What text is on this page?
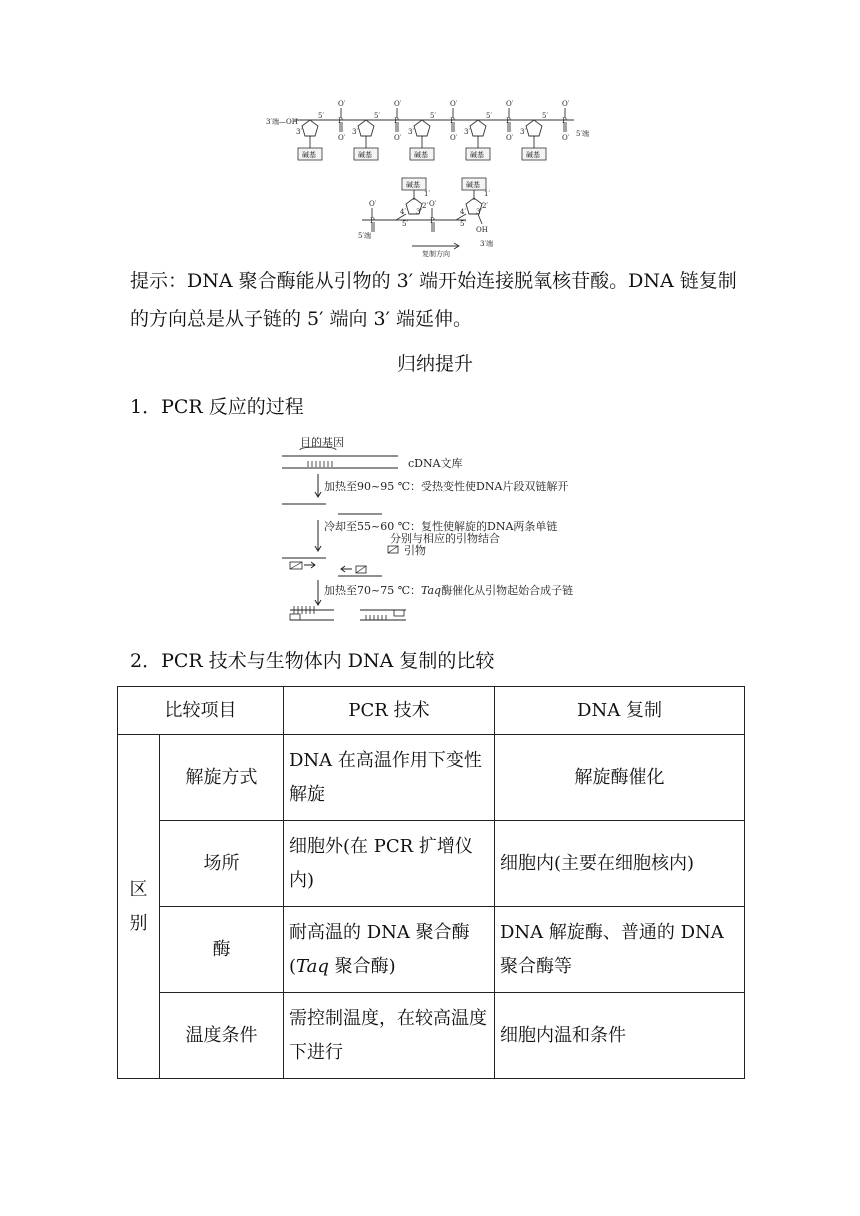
3′端—OH
5′端
P	P	P	P	P
O′	O′	O′	O′	O′
O′	O′	O′	O′	O′
5′	5′	5′	5′	5′
3′	3′	3′	3′	3′
碱基	碱基	碱基	碱基	碱基
碱基	碱基
O′	O′
P	P
1′	1′
2′	2′
3′	3′
4′	4′
5′	5′
OH
5′端
3′端
复制方向
提示：DNA 聚合酶能从引物的 3′ 端开始连接脱氧核苷酸。DNA 链复制的方向总是从子链的 5′ 端向 3′ 端延伸。
归纳提升
1．PCR 反应的过程
目的基因
cDNA文库
加热至90~95 ℃：受热变性使DNA片段双链解开
冷却至55~60 ℃：复性使解旋的DNA两条单链
分别与相应的引物结合
引物
加热至70~75 ℃：Taq酶催化从引物起始合成子链
2．PCR 技术与生物体内 DNA 复制的比较
比较项目		PCR 技术	DNA 复制
区别	解旋方式	DNA 在高温作用下变性解旋	解旋酶催化
	场所	细胞外(在 PCR 扩增仪内)	细胞内(主要在细胞核内)
	酶	耐高温的 DNA 聚合酶(Taq 聚合酶)	DNA 解旋酶、普通的 DNA 聚合酶等
	温度条件	需控制温度，在较高温度下进行	细胞内温和条件
